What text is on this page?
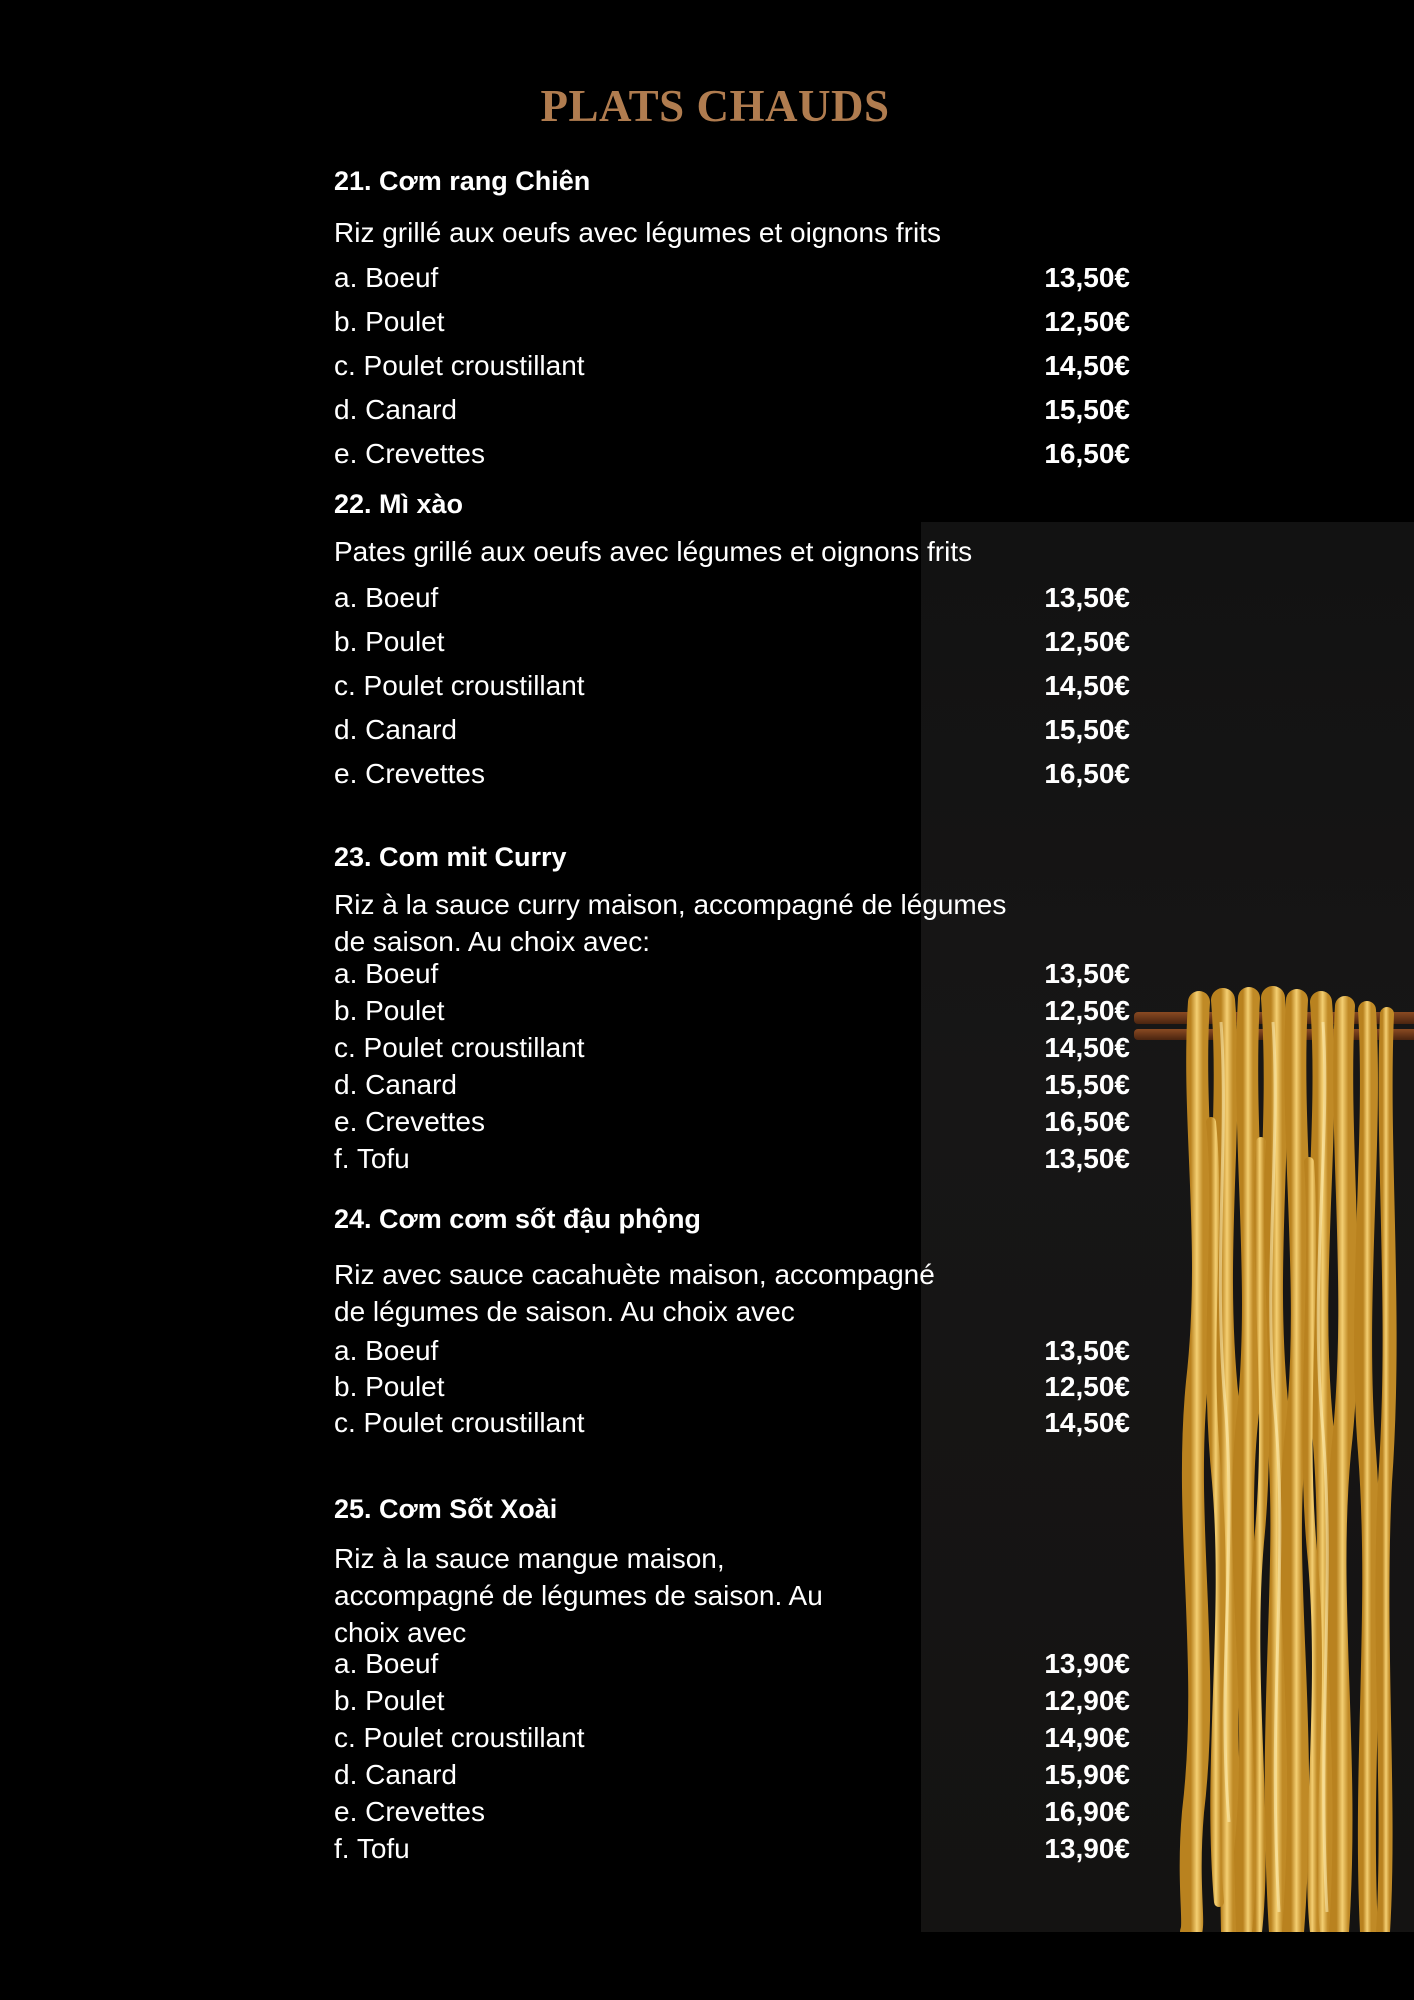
PLATS CHAUDS
21. Cơm rang Chiên
Riz grillé aux oeufs avec légumes et oignons frits
a. Boeuf	13,50€
b. Poulet	12,50€
c. Poulet croustillant	14,50€
d. Canard	15,50€
e. Crevettes	16,50€
22. Mì xào
Pates grillé aux oeufs avec légumes et oignons frits
a. Boeuf	13,50€
b. Poulet	12,50€
c. Poulet croustillant	14,50€
d. Canard	15,50€
e. Crevettes	16,50€
23. Com mit Curry
Riz à la sauce curry maison, accompagné de légumes
de saison. Au choix avec:
a. Boeuf	13,50€
b. Poulet	12,50€
c. Poulet croustillant	14,50€
d. Canard	15,50€
e. Crevettes	16,50€
f. Tofu	13,50€
24. Cơm cơm sốt đậu phộng
Riz avec sauce cacahuète maison, accompagné
de légumes de saison. Au choix avec
a. Boeuf	13,50€
b. Poulet	12,50€
c. Poulet croustillant	14,50€
25. Cơm Sốt Xoài
Riz à la sauce mangue maison,
accompagné de légumes de saison. Au
choix avec
a. Boeuf	13,90€
b. Poulet	12,90€
c. Poulet croustillant	14,90€
d. Canard	15,90€
e. Crevettes	16,90€
f. Tofu	13,90€
